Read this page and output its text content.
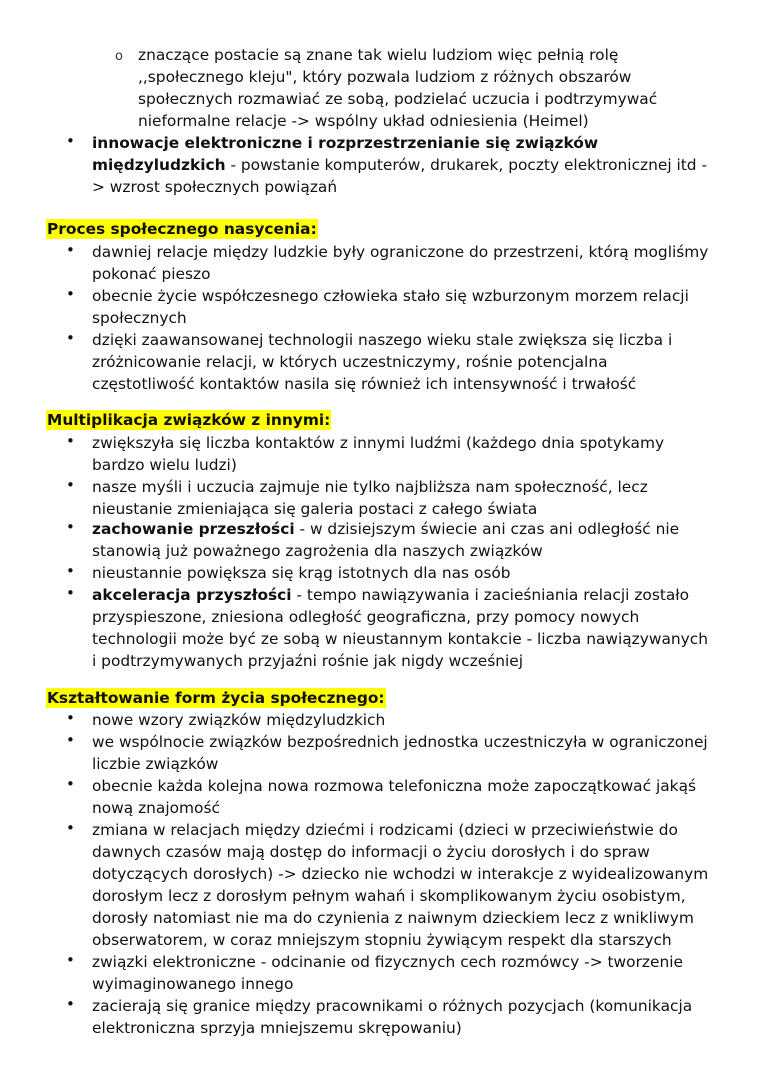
o znaczące postacie są znane tak wielu ludziom więc pełnią rolę
,,społecznego kleju", który pozwala ludziom z różnych obszarów
społecznych rozmawiać ze sobą, podzielać uczucia i podtrzymywać
nieformalne relacje -> wspólny układ odniesienia (Heimel)
• innowacje elektroniczne i rozprzestrzenianie się związków
międzyludzkich - powstanie komputerów, drukarek, poczty elektronicznej itd -
> wzrost społecznych powiązań
Proces społecznego nasycenia:
• dawniej relacje między ludzkie były ograniczone do przestrzeni, którą mogliśmy
pokonać pieszo
• obecnie życie współczesnego człowieka stało się wzburzonym morzem relacji
społecznych
• dzięki zaawansowanej technologii naszego wieku stale zwiększa się liczba i
zróżnicowanie relacji, w których uczestniczymy, rośnie potencjalna
częstotliwość kontaktów nasila się również ich intensywność i trwałość
Multiplikacja związków z innymi:
• zwiększyła się liczba kontaktów z innymi ludźmi (każdego dnia spotykamy
bardzo wielu ludzi)
• nasze myśli i uczucia zajmuje nie tylko najbliższa nam społeczność, lecz
nieustanie zmieniająca się galeria postaci z całego świata
• zachowanie przeszłości - w dzisiejszym świecie ani czas ani odległość nie
stanowią już poważnego zagrożenia dla naszych związków
• nieustannie powiększa się krąg istotnych dla nas osób
• akceleracja przyszłości - tempo nawiązywania i zacieśniania relacji zostało
przyspieszone, zniesiona odległość geograficzna, przy pomocy nowych
technologii może być ze sobą w nieustannym kontakcie - liczba nawiązywanych
i podtrzymywanych przyjaźni rośnie jak nigdy wcześniej
Kształtowanie form życia społecznego:
• nowe wzory związków międzyludzkich
• we wspólnocie związków bezpośrednich jednostka uczestniczyła w ograniczonej
liczbie związków
• obecnie każda kolejna nowa rozmowa telefoniczna może zapoczątkować jakąś
nową znajomość
• zmiana w relacjach między dziećmi i rodzicami (dzieci w przeciwieństwie do
dawnych czasów mają dostęp do informacji o życiu dorosłych i do spraw
dotyczących dorosłych) -> dziecko nie wchodzi w interakcje z wyidealizowanym
dorosłym lecz z dorosłym pełnym wahań i skomplikowanym życiu osobistym,
dorosły natomiast nie ma do czynienia z naiwnym dzieckiem lecz z wnikliwym
obserwatorem, w coraz mniejszym stopniu żywiącym respekt dla starszych
• związki elektroniczne - odcinanie od fizycznych cech rozmówcy -> tworzenie
wyimaginowanego innego
• zacierają się granice między pracownikami o różnych pozycjach (komunikacja
elektroniczna sprzyja mniejszemu skrępowaniu)
